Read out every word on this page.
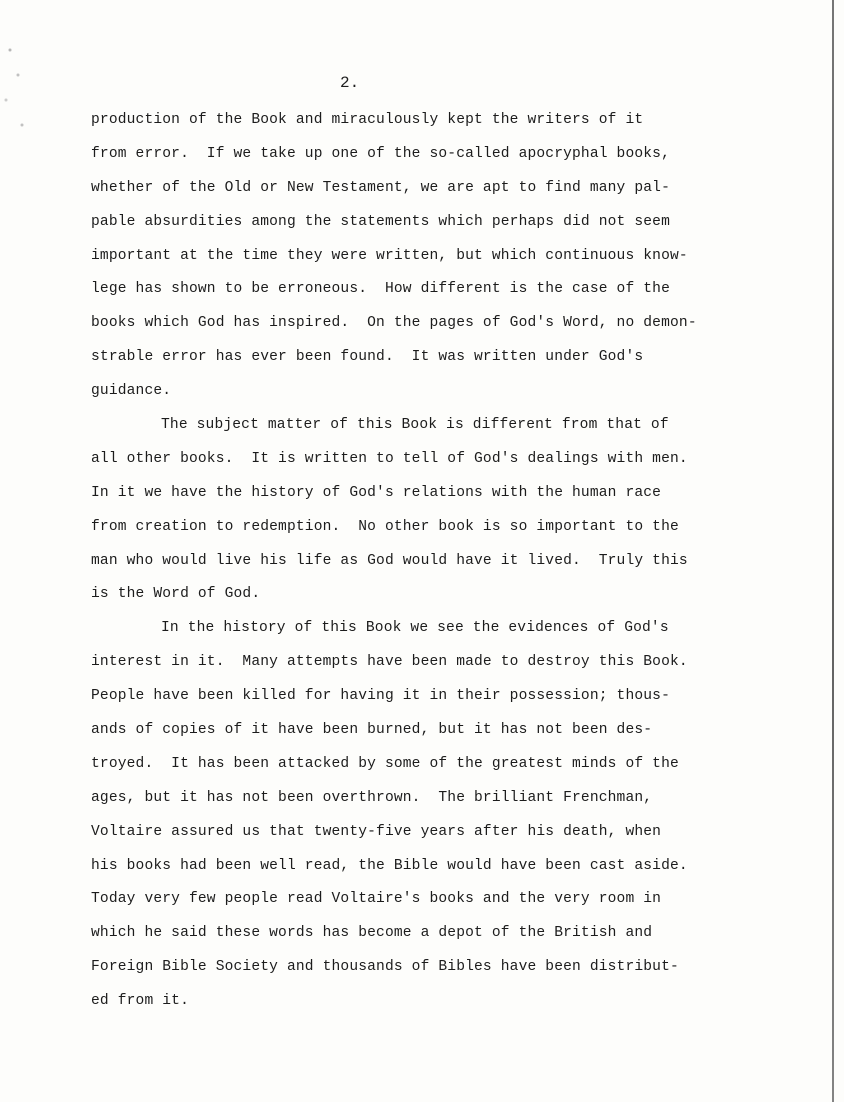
2.
production of the Book and miraculously kept the writers of it
from error.  If we take up one of the so-called apocryphal books,
whether of the Old or New Testament, we are apt to find many pal-
pable absurdities among the statements which perhaps did not seem
important at the time they were written, but which continuous know-
lege has shown to be erroneous.  How different is the case of the
books which God has inspired.  On the pages of God's Word, no demon-
strable error has ever been found.  It was written under God's
guidance.
The subject matter of this Book is different from that of
all other books.  It is written to tell of God's dealings with men.
In it we have the history of God's relations with the human race
from creation to redemption.  No other book is so important to the
man who would live his life as God would have it lived.  Truly this
is the Word of God.
In the history of this Book we see the evidences of God's
interest in it.  Many attempts have been made to destroy this Book.
People have been killed for having it in their possession; thous-
ands of copies of it have been burned, but it has not been des-
troyed.  It has been attacked by some of the greatest minds of the
ages, but it has not been overthrown.  The brilliant Frenchman,
Voltaire assured us that twenty-five years after his death, when
his books had been well read, the Bible would have been cast aside.
Today very few people read Voltaire's books and the very room in
which he said these words has become a depot of the British and
Foreign Bible Society and thousands of Bibles have been distribut-
ed from it.
